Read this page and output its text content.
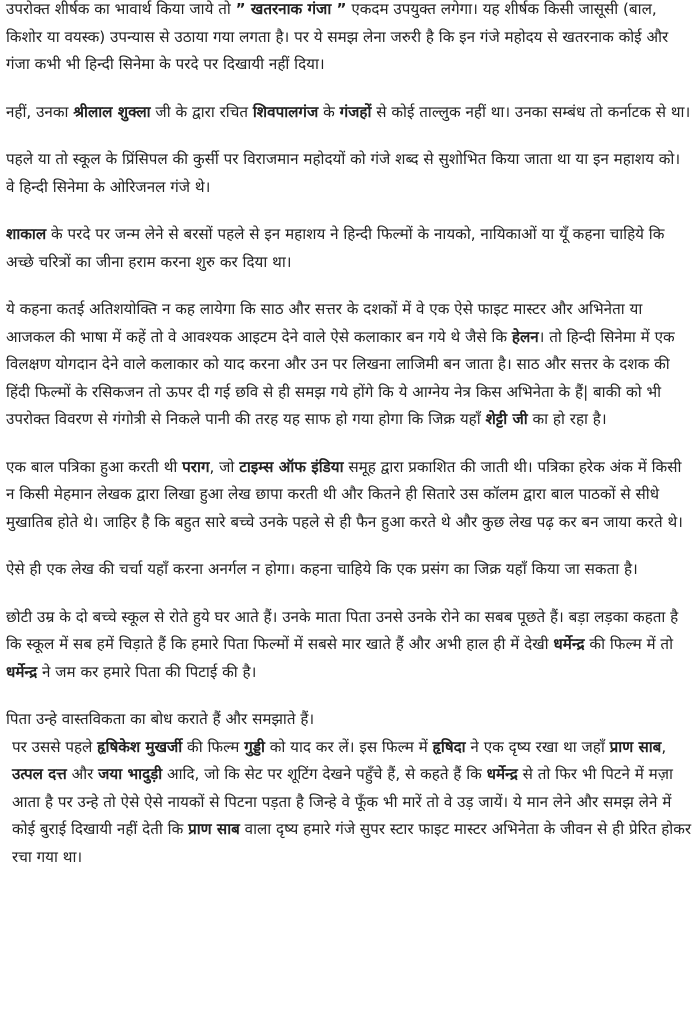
उपरोक्त शीर्षक का भावार्थ किया जाये तो ” खतरनाक गंजा ” एकदम उपयुक्त लगेगा। यह शीर्षक किसी जासूसी (बाल, किशोर या वयस्क) उपन्यास से उठाया गया लगता है। पर ये समझ लेना जरुरी है कि इन गंजे महोदय से खतरनाक कोई और गंजा कभी भी हिन्दी सिनेमा के परदे पर दिखायी नहीं दिया।

नहीं, उनका श्रीलाल शुक्ला जी के द्वारा रचित शिवपालगंज के गंजहों से कोई ताल्लुक नहीं था। उनका सम्बंध तो कर्नाटक से था।

पहले या तो स्कूल के प्रिंसिपल की कुर्सी पर विराजमान महोदयों को गंजे शब्द से सुशोभित किया जाता था या इन महाशय को। वे हिन्दी सिनेमा के ओरिजनल गंजे थे।

शाकाल के परदे पर जन्म लेने से बरसों पहले से इन महाशय ने हिन्दी फिल्मों के नायको, नायिकाओं या यूँ कहना चाहिये कि अच्छे चरित्रों का जीना हराम करना शुरु कर दिया था।

ये कहना कतई अतिशयोक्ति न कह लायेगा कि साठ और सत्तर के दशकों में वे एक ऐसे फाइट मास्टर और अभिनेता या आजकल की भाषा में कहें तो वे आवश्यक आइटम देने वाले ऐसे कलाकार बन गये थे जैसे कि हेलन। तो हिन्दी सिनेमा में एक विलक्षण योगदान देने वाले कलाकार को याद करना और उन पर लिखना लाजिमी बन जाता है। साठ और सत्तर के दशक की हिंदी फिल्मों के रसिकजन तो ऊपर दी गई छवि से ही समझ गये होंगे कि ये आग्नेय नेत्र किस अभिनेता के हैं| बाकी को भी उपरोक्त विवरण से गंगोत्री से निकले पानी की तरह यह साफ हो गया होगा कि जिक्र यहाँ शेट्टी जी का हो रहा है।

एक बाल पत्रिका हुआ करती थी पराग, जो टाइम्स ऑफ इंडिया समूह द्वारा प्रकाशित की जाती थी। पत्रिका हरेक अंक में किसी न किसी मेहमान लेखक द्वारा लिखा हुआ लेख छापा करती थी और कितने ही सितारे उस कॉलम द्वारा बाल पाठकों से सीधे मुखातिब होते थे। जाहिर है कि बहुत सारे बच्चे उनके पहले से ही फैन हुआ करते थे और कुछ लेख पढ़ कर बन जाया करते थे।

ऐसे ही एक लेख की चर्चा यहाँ करना अनर्गल न होगा। कहना चाहिये कि एक प्रसंग का जिक्र यहाँ किया जा सकता है।

छोटी उम्र के दो बच्चे स्कूल से रोते हुये घर आते हैं। उनके माता पिता उनसे उनके रोने का सबब पूछते हैं। बड़ा लड़का कहता है कि स्कूल में सब हमें चिड़ाते हैं कि हमारे पिता फिल्मों में सबसे मार खाते हैं और अभी हाल ही में देखी धर्मेन्द्र की फिल्म में तो धर्मेन्द्र ने जम कर हमारे पिता की पिटाई की है।

पिता उन्हे वास्तविकता का बोध कराते हैं और समझाते हैं।

पर उससे पहले हृषिकेश मुखर्जी की फिल्म गुड्डी को याद कर लें। इस फिल्म में हृषिदा ने एक दृष्य रखा था जहाँ प्राण साब, उत्पल दत्त और जया भादुड़ी आदि, जो कि सेट पर शूटिंग देखने पहुँचे हैं, से कहते हैं कि धर्मेन्द्र से तो फिर भी पिटने में मज़ा आता है पर उन्हे तो ऐसे ऐसे नायकों से पिटना पड़ता है जिन्हे वे फूँक भी मारें तो वे उड़ जायें। ये मान लेने और समझ लेने में कोई बुराई दिखायी नहीं देती कि प्राण साब वाला दृष्य हमारे गंजे सुपर स्टार फाइट मास्टर अभिनेता के जीवन से ही प्रेरित होकर रचा गया था।
